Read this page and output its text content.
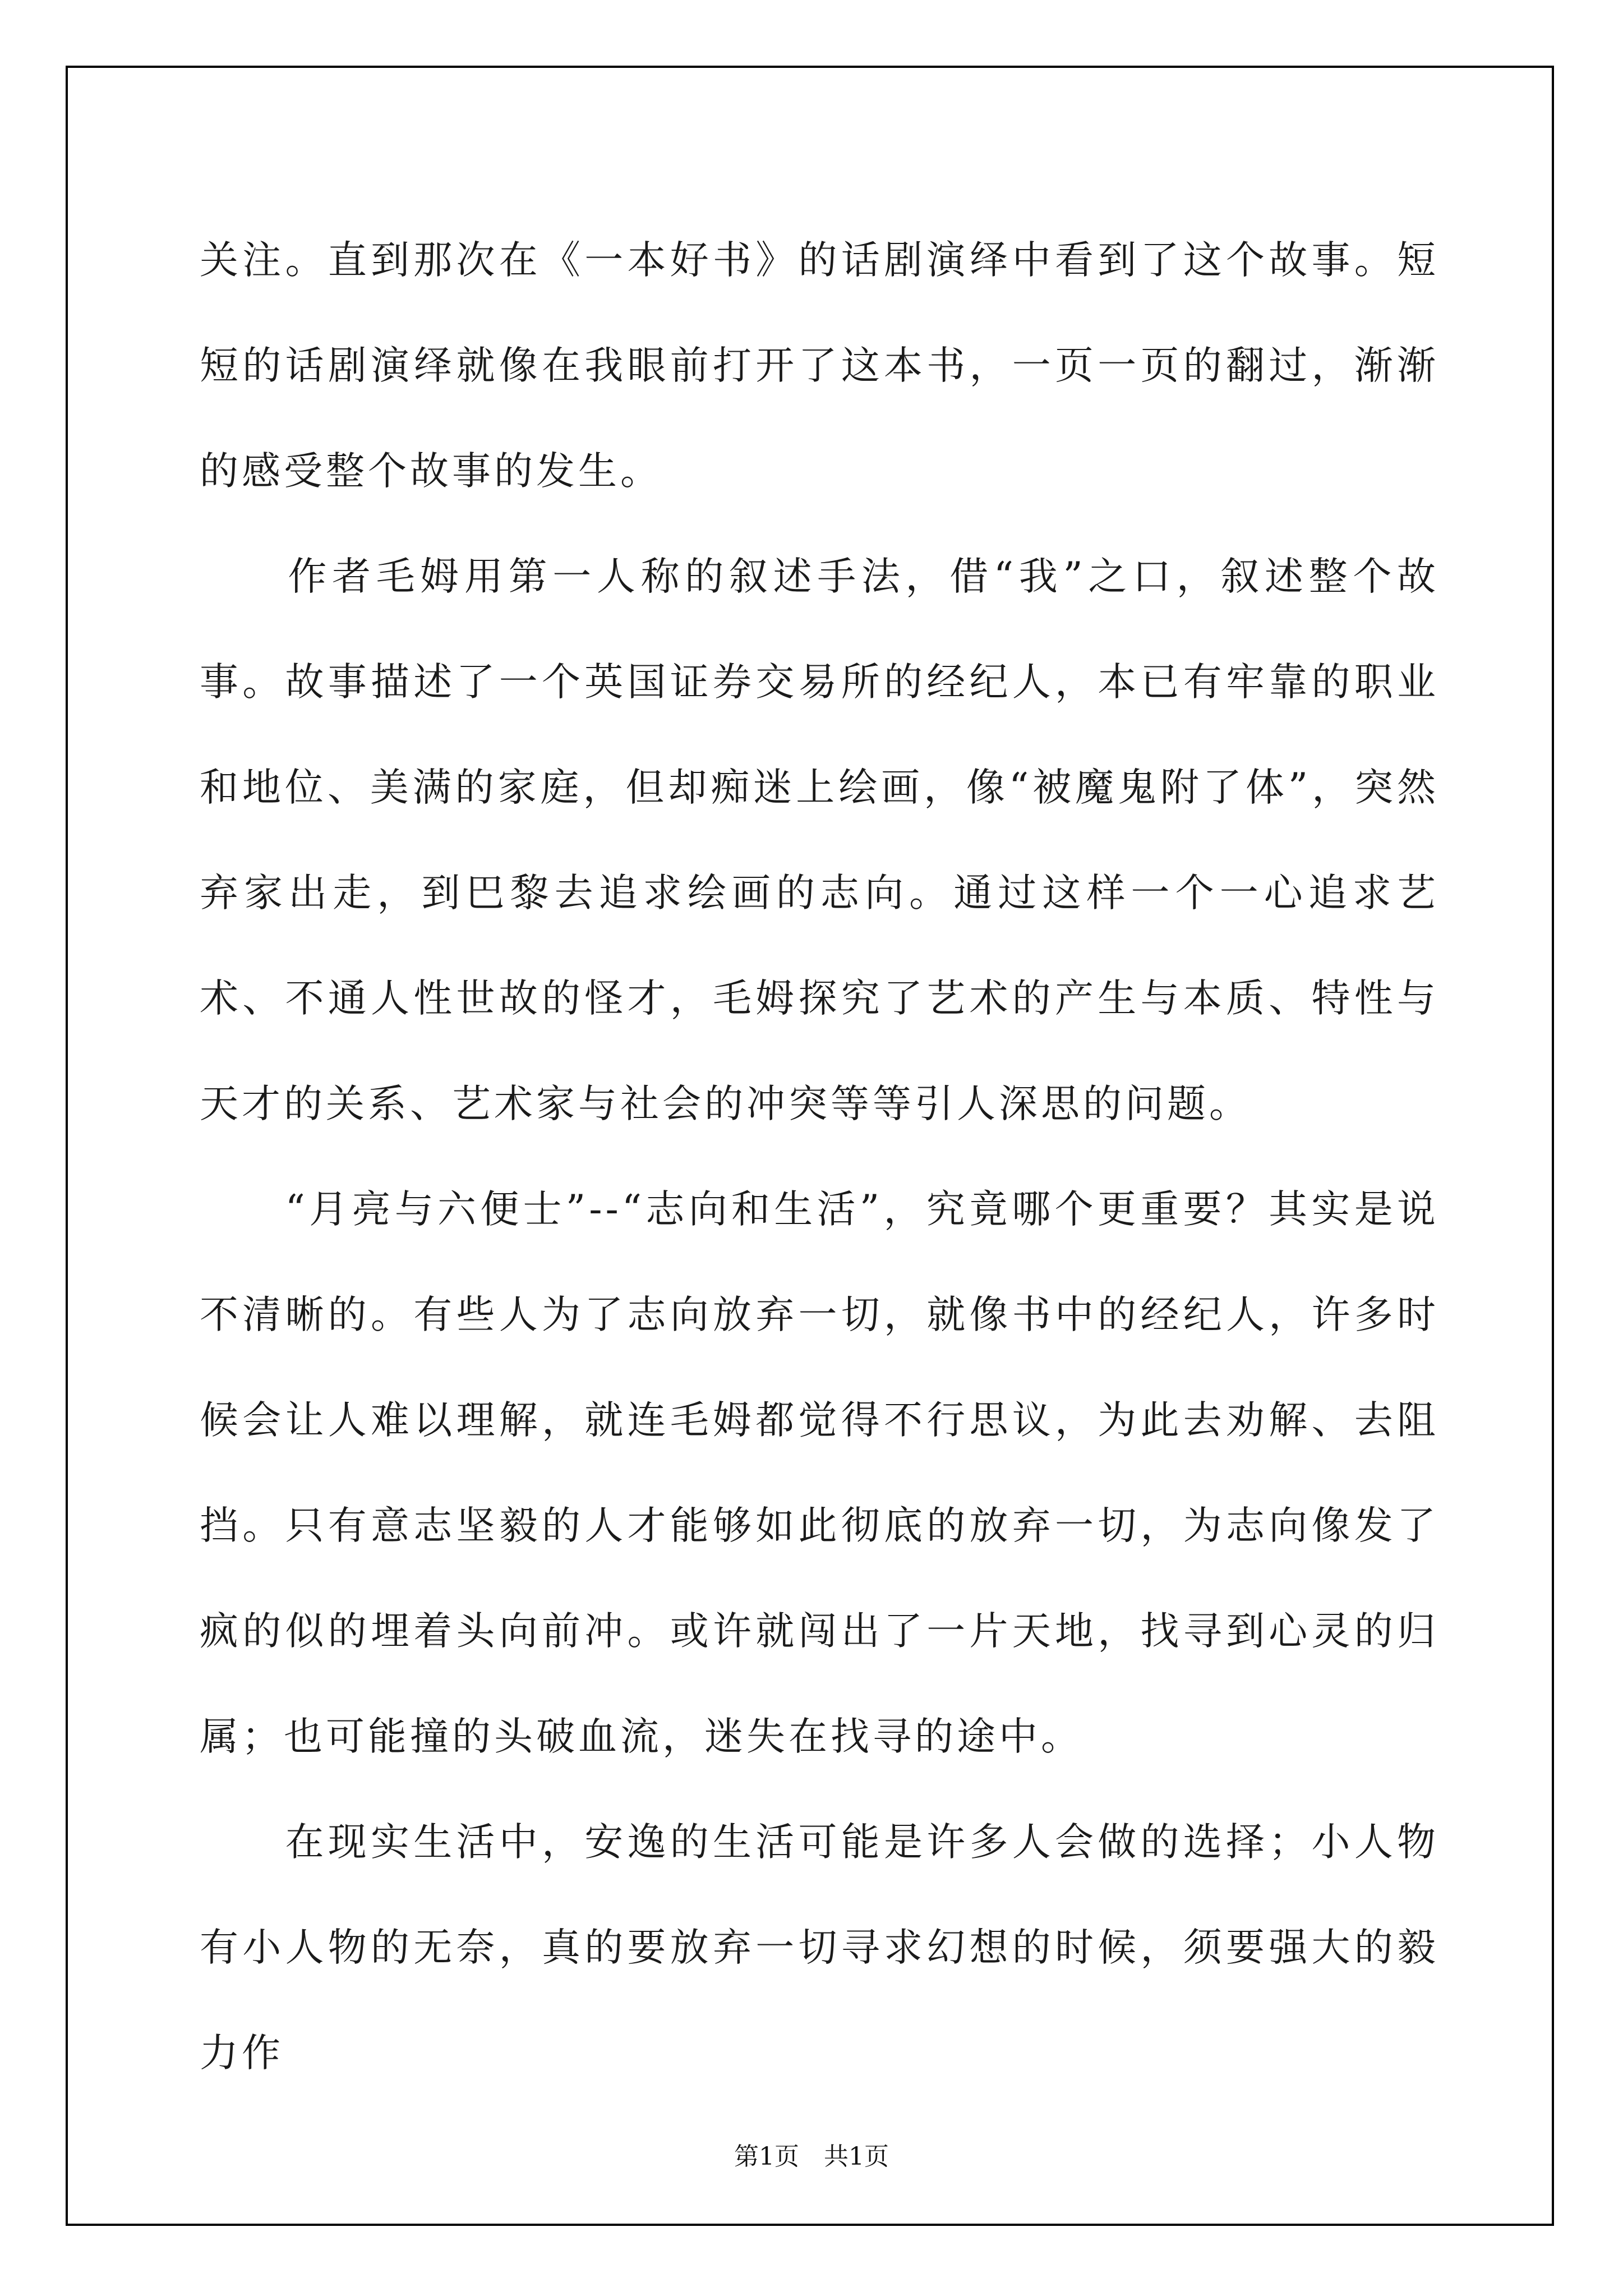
关注。直到那次在《一本好书》的话剧演绎中看到了这个故事。短短的话剧演绎就像在我眼前打开了这本书，一页一页的翻过，渐渐的感受整个故事的发生。

　　作者毛姆用第一人称的叙述手法，借“我”之口，叙述整个故事。故事描述了一个英国证券交易所的经纪人，本已有牢靠的职业和地位、美满的家庭，但却痴迷上绘画，像“被魔鬼附了体”，突然弃家出走，到巴黎去追求绘画的志向。通过这样一个一心追求艺术、不通人性世故的怪才，毛姆探究了艺术的产生与本质、特性与天才的关系、艺术家与社会的冲突等等引人深思的问题。

　　“月亮与六便士”--“志向和生活”，究竟哪个更重要？其实是说不清晰的。有些人为了志向放弃一切，就像书中的经纪人，许多时候会让人难以理解，就连毛姆都觉得不行思议，为此去劝解、去阻挡。只有意志坚毅的人才能够如此彻底的放弃一切，为志向像发了疯的似的埋着头向前冲。或许就闯出了一片天地，找寻到心灵的归属；也可能撞的头破血流，迷失在找寻的途中。

　　在现实生活中，安逸的生活可能是许多人会做的选择；小人物有小人物的无奈，真的要放弃一切寻求幻想的时候，须要强大的毅力作

第1页　共1页
